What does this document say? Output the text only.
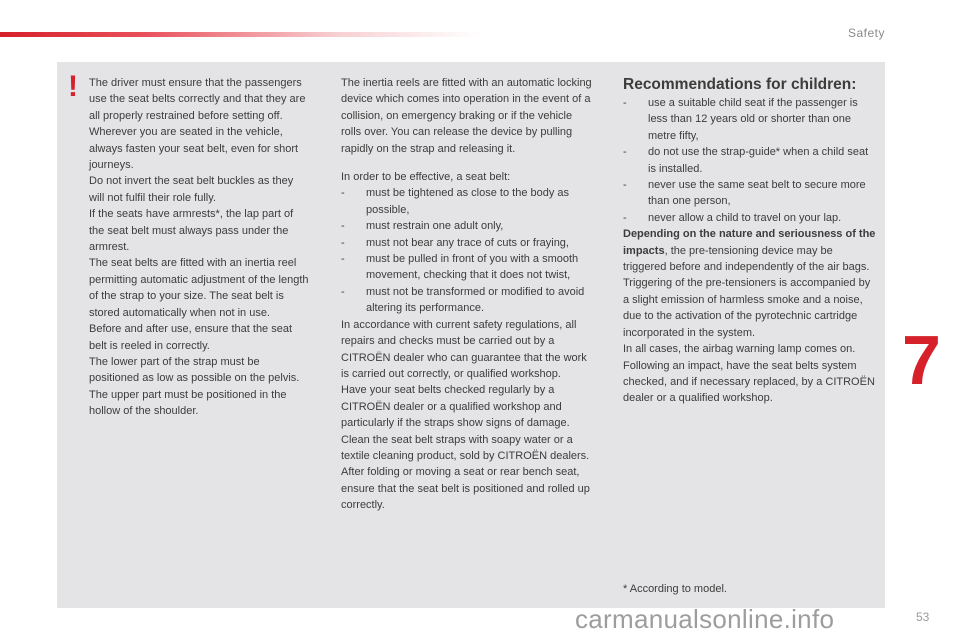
Safety
! The driver must ensure that the passengers use the seat belts correctly and that they are all properly restrained before setting off.

Wherever you are seated in the vehicle, always fasten your seat belt, even for short journeys.

Do not invert the seat belt buckles as they will not fulfil their role fully.

If the seats have armrests*, the lap part of the seat belt must always pass under the armrest.

The seat belts are fitted with an inertia reel permitting automatic adjustment of the length of the strap to your size. The seat belt is stored automatically when not in use.

Before and after use, ensure that the seat belt is reeled in correctly.

The lower part of the strap must be positioned as low as possible on the pelvis.

The upper part must be positioned in the hollow of the shoulder.

The inertia reels are fitted with an automatic locking device which comes into operation in the event of a collision, on emergency braking or if the vehicle rolls over. You can release the device by pulling rapidly on the strap and releasing it.

In order to be effective, a seat belt:

- must be tightened as close to the body as possible,
- must restrain one adult only,
- must not bear any trace of cuts or fraying,
- must be pulled in front of you with a smooth movement, checking that it does not twist,
- must not be transformed or modified to avoid altering its performance.

In accordance with current safety regulations, all repairs and checks must be carried out by a CITROËN dealer who can guarantee that the work is carried out correctly, or qualified workshop.

Have your seat belts checked regularly by a CITROËN dealer or a qualified workshop and particularly if the straps show signs of damage.

Clean the seat belt straps with soapy water or a textile cleaning product, sold by CITROËN dealers.

After folding or moving a seat or rear bench seat, ensure that the seat belt is positioned and rolled up correctly.

Recommendations for children:

- use a suitable child seat if the passenger is less than 12 years old or shorter than one metre fifty,
- do not use the strap-guide* when a child seat is installed.
- never use the same seat belt to secure more than one person,
- never allow a child to travel on your lap.

Depending on the nature and seriousness of the impacts, the pre-tensioning device may be triggered before and independently of the air bags. Triggering of the pre-tensioners is accompanied by a slight emission of harmless smoke and a noise, due to the activation of the pyrotechnic cartridge incorporated in the system.

In all cases, the airbag warning lamp comes on.

Following an impact, have the seat belts system checked, and if necessary replaced, by a CITROËN dealer or a qualified workshop.

* According to model.
7
carmanualsonline.info	53
